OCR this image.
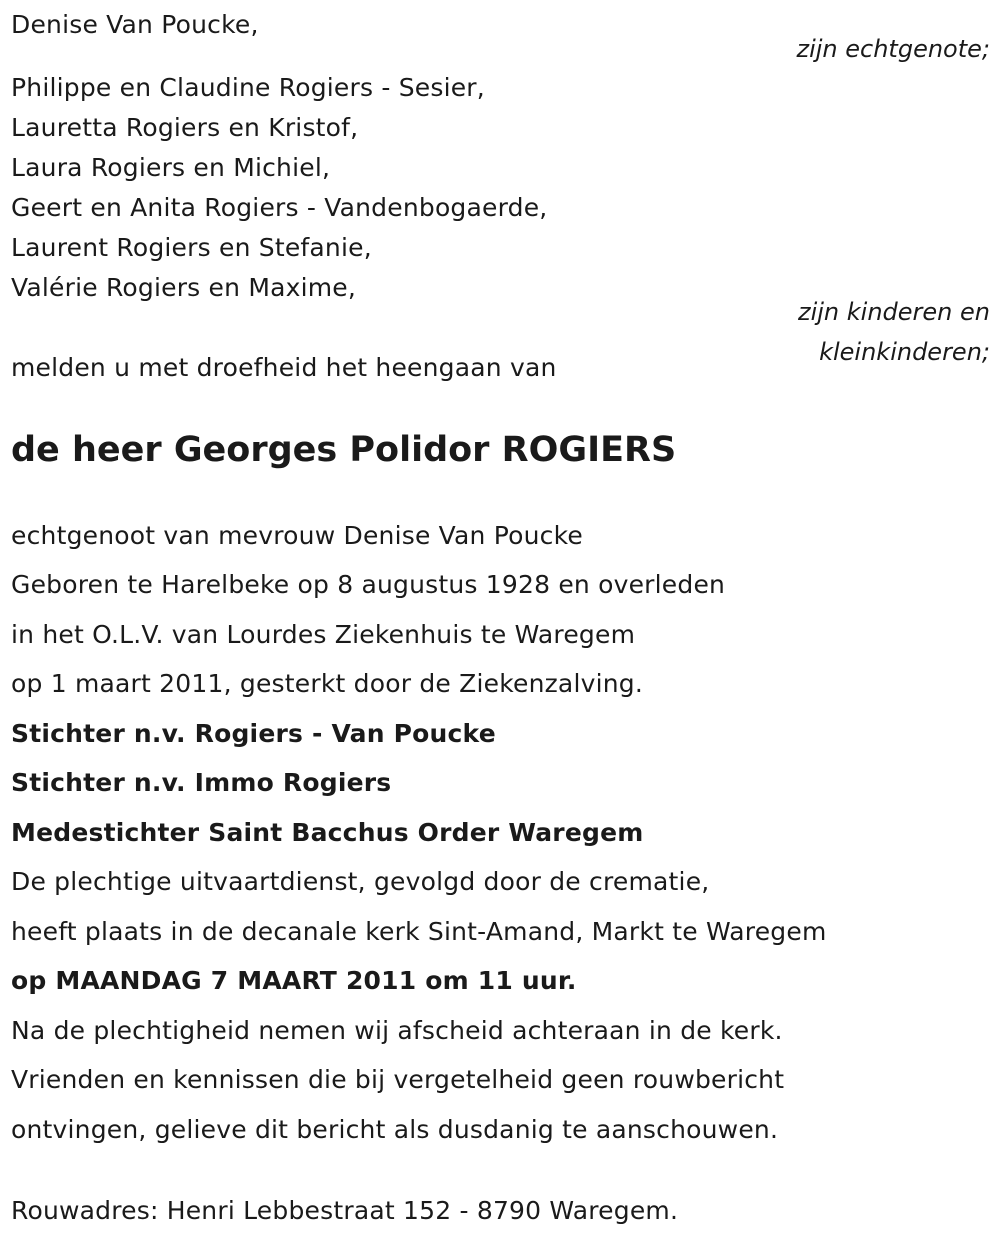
Denise Van Poucke,
zijn echtgenote;
Philippe en Claudine Rogiers - Sesier,
Lauretta Rogiers en Kristof,
Laura Rogiers en Michiel,
Geert en Anita Rogiers - Vandenbogaerde,
Laurent Rogiers en Stefanie,
Valérie Rogiers en Maxime,
zijn kinderen en
kleinkinderen;
melden u met droefheid het heengaan van
de heer Georges Polidor ROGIERS
echtgenoot van mevrouw Denise Van Poucke
Geboren te Harelbeke op 8 augustus 1928 en overleden
in het O.L.V. van Lourdes Ziekenhuis te Waregem
op 1 maart 2011, gesterkt door de Ziekenzalving.
Stichter n.v. Rogiers - Van Poucke
Stichter n.v. Immo Rogiers
Medestichter Saint Bacchus Order Waregem
De plechtige uitvaartdienst, gevolgd door de crematie,
heeft plaats in de decanale kerk Sint-Amand, Markt te Waregem
op MAANDAG 7 MAART 2011 om 11 uur.
Na de plechtigheid nemen wij afscheid achteraan in de kerk.
Vrienden en kennissen die bij vergetelheid geen rouwbericht
ontvingen, gelieve dit bericht als dusdanig te aanschouwen.
Rouwadres: Henri Lebbestraat 152 - 8790 Waregem.
